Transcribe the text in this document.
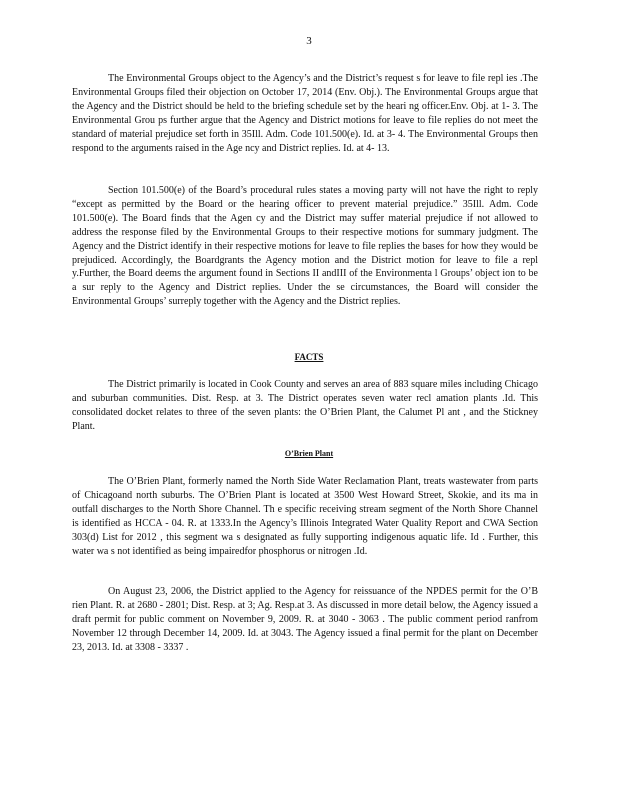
3

The Environmental Groups object to the Agency’s and the District’s request s for leave to file repl ies .The Environmental Groups filed their objection on October 17, 2014 (Env. Obj.). The Environmental Groups argue that the Agency and the District should be held to the briefing schedule set by the heari ng officer.Env. Obj. at 1- 3. The Environmental Grou ps further argue that the Agency and District motions for leave to file replies do not meet the standard of material prejudice set forth in 35Ill. Adm. Code 101.500(e). Id. at 3- 4. The Environmental Groups then respond to the arguments raised in the Age ncy and District replies. Id. at 4- 13.

Section 101.500(e) of the Board’s procedural rules states a moving party will not have the right to reply “except as permitted by the Board or the hearing officer to prevent material prejudice.” 35Ill. Adm. Code 101.500(e). The Board finds that the Agen cy and the District may suffer material prejudice if not allowed to address the response filed by the Environmental Groups to their respective motions for summary judgment. The Agency and the District identify in their respective motions for leave to file replies the bases for how they would be prejudiced. Accordingly, the Boardgrants the Agency motion and the District motion for leave to file a repl y.Further, the Board deems the argument found in Sections II andIII of the Environmenta l Groups’ object ion to be a sur reply to the Agency and District replies. Under the se circumstances, the Board will consider the Environmental Groups’ surreply together with the Agency and the District replies.

FACTS

The District primarily is located in Cook County and serves an area of 883 square miles including Chicago and suburban communities. Dist. Resp. at 3. The District operates seven water recl amation plants .Id. This consolidated docket relates to three of the seven plants: the O’Brien Plant, the Calumet Pl ant , and the Stickney Plant.

O’Brien Plant

The O’Brien Plant, formerly named the North Side Water Reclamation Plant, treats wastewater from parts of Chicagoand north suburbs. The O’Brien Plant is located at 3500 West Howard Street, Skokie, and its ma in outfall discharges to the North Shore Channel. Th e specific receiving stream segment of the North Shore Channel is identified as HCCA - 04. R. at 1333.In the Agency’s Illinois Integrated Water Quality Report and CWA Section 303(d) List for 2012 , this segment wa s designated as fully supporting indigenous aquatic life. Id . Further, this water wa s not identified as being impairedfor phosphorus or nitrogen .Id.

On August 23, 2006, the District applied to the Agency for reissuance of the NPDES permit for the O’B rien Plant. R. at 2680 - 2801; Dist. Resp. at 3; Ag. Resp.at 3. As discussed in more detail below, the Agency issued a draft permit for public comment on November 9, 2009. R. at 3040 - 3063 . The public comment period ranfrom November 12 through December 14, 2009. Id. at 3043. The Agency issued a final permit for the plant on December 23, 2013. Id. at 3308 - 3337 .
